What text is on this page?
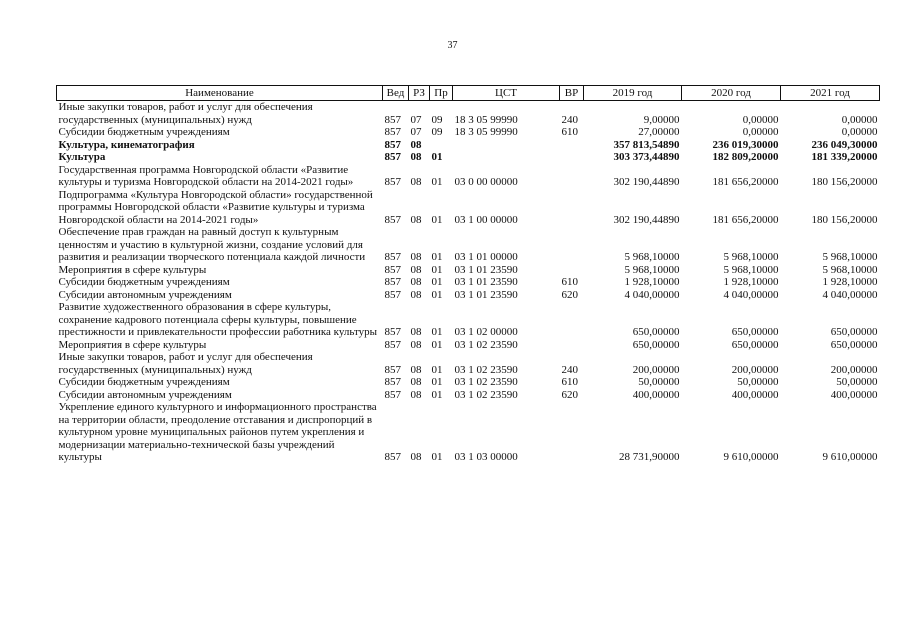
37
Наименование	Вед	РЗ	Пр	ЦСТ	ВР	2019 год	2020 год	2021 год
Иные закупки товаров, работ и услуг для обеспечения государственных (муниципальных) нужд	857	07	09	18 3 05 99990	240	9,00000	0,00000	0,00000
Субсидии бюджетным учреждениям	857	07	09	18 3 05 99990	610	27,00000	0,00000	0,00000
Культура, кинематография	857	08				357 813,54890	236 019,30000	236 049,30000
Культура	857	08	01			303 373,44890	182 809,20000	181 339,20000
Государственная программа Новгородской области «Развитие культуры и туризма Новгородской области на 2014-2021 годы»	857	08	01	03 0 00 00000		302 190,44890	181 656,20000	180 156,20000
Подпрограмма «Культура Новгородской области» государственной программы Новгородской области «Развитие культуры и туризма Новгородской области на 2014-2021 годы»	857	08	01	03 1 00 00000		302 190,44890	181 656,20000	180 156,20000
Обеспечение прав граждан на равный доступ к культурным ценностям и участию в культурной жизни, создание условий для развития и реализации творческого потенциала каждой личности	857	08	01	03 1 01 00000		5 968,10000	5 968,10000	5 968,10000
Мероприятия в сфере культуры	857	08	01	03 1 01 23590		5 968,10000	5 968,10000	5 968,10000
Субсидии бюджетным учреждениям	857	08	01	03 1 01 23590	610	1 928,10000	1 928,10000	1 928,10000
Субсидии автономным учреждениям	857	08	01	03 1 01 23590	620	4 040,00000	4 040,00000	4 040,00000
Развитие художественного образования в сфере культуры, сохранение кадрового потенциала сферы культуры, повышение престижности и привлекательности профессии работника культуры	857	08	01	03 1 02 00000		650,00000	650,00000	650,00000
Мероприятия в сфере культуры	857	08	01	03 1 02 23590		650,00000	650,00000	650,00000
Иные закупки товаров, работ и услуг для обеспечения государственных (муниципальных) нужд	857	08	01	03 1 02 23590	240	200,00000	200,00000	200,00000
Субсидии бюджетным учреждениям	857	08	01	03 1 02 23590	610	50,00000	50,00000	50,00000
Субсидии автономным учреждениям	857	08	01	03 1 02 23590	620	400,00000	400,00000	400,00000
Укрепление единого культурного и информационного пространства на территории области, преодоление отставания и диспропорций в культурном уровне муниципальных районов путем укрепления и модернизации материально-технической базы учреждений культуры	857	08	01	03 1 03 00000		28 731,90000	9 610,00000	9 610,00000
